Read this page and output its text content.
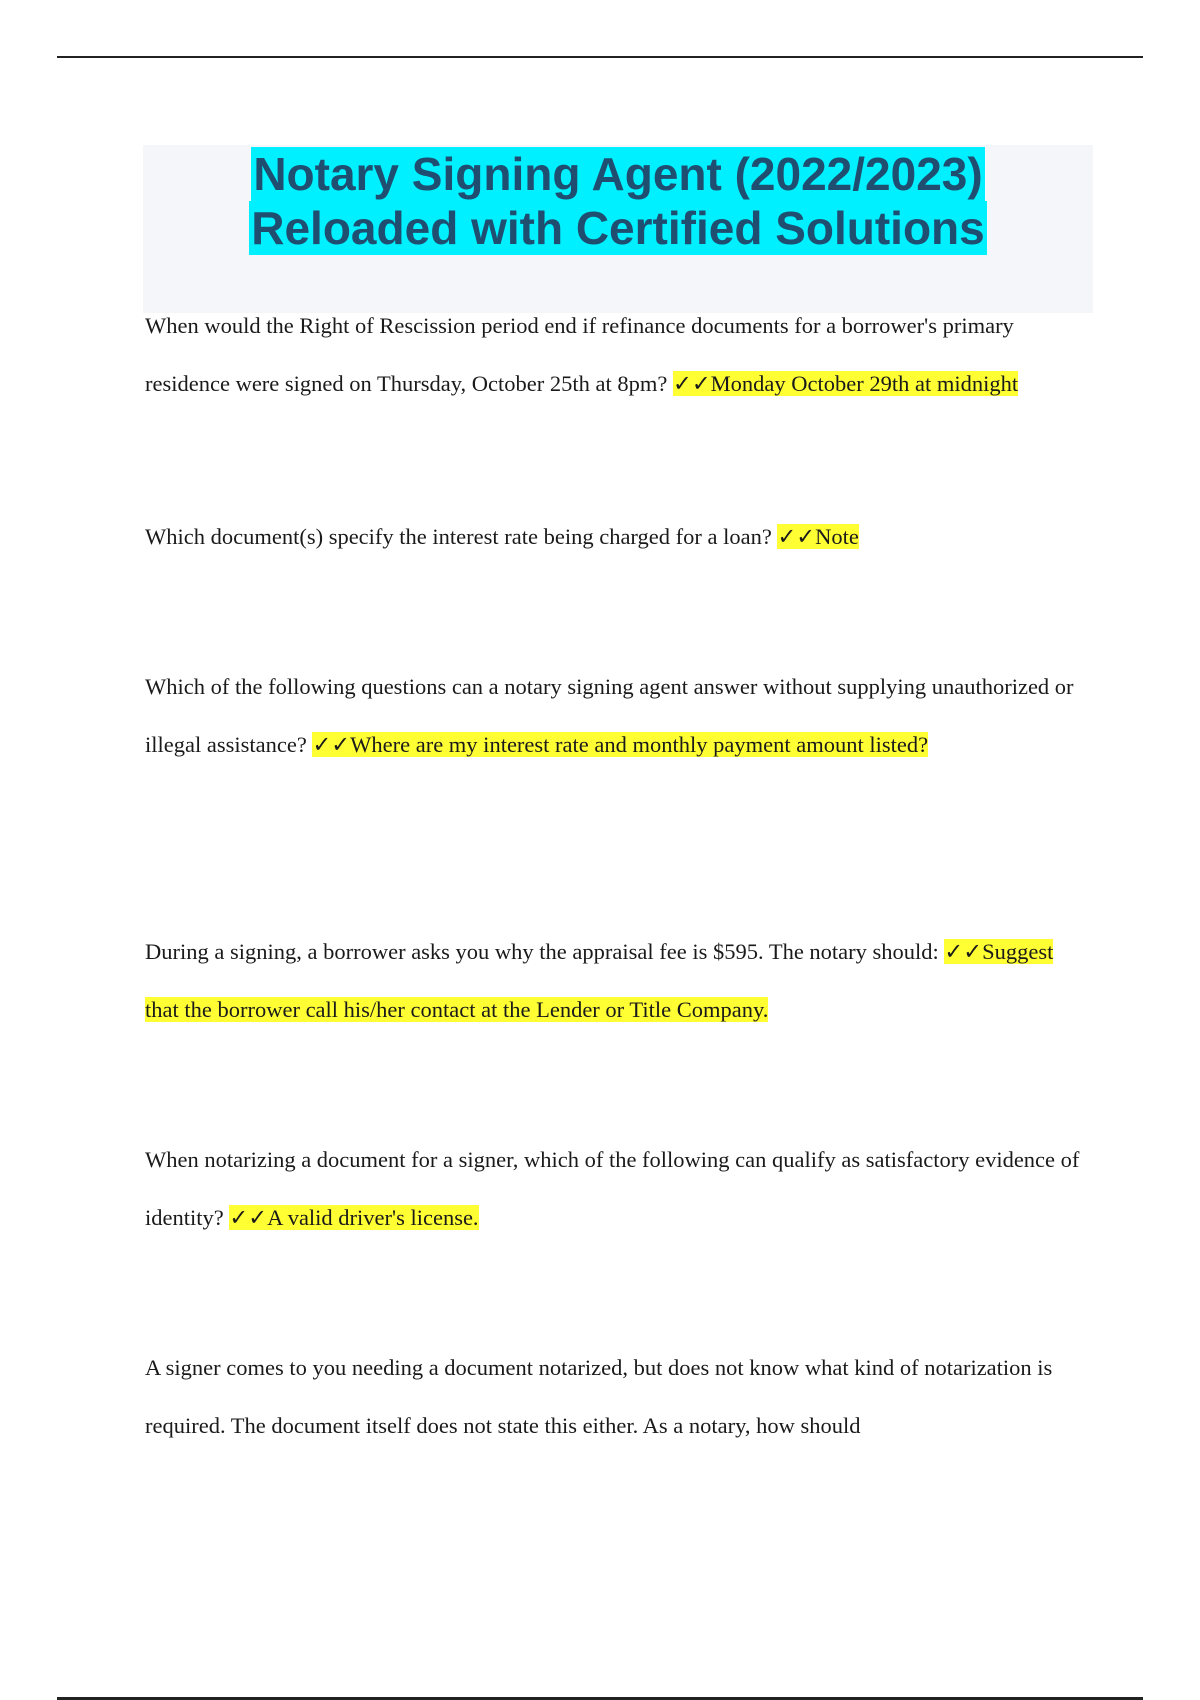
Notary Signing Agent (2022/2023)
Reloaded with Certified Solutions

When would the Right of Rescission period end if refinance documents for a borrower's primary residence were signed on Thursday, October 25th at 8pm? ✓✓Monday October 29th at midnight

Which document(s) specify the interest rate being charged for a loan? ✓✓Note

Which of the following questions can a notary signing agent answer without supplying unauthorized or illegal assistance? ✓✓Where are my interest rate and monthly payment amount listed?

During a signing, a borrower asks you why the appraisal fee is $595. The notary should: ✓✓Suggest that the borrower call his/her contact at the Lender or Title Company.

When notarizing a document for a signer, which of the following can qualify as satisfactory evidence of identity? ✓✓A valid driver's license.

A signer comes to you needing a document notarized, but does not know what kind of notarization is required. The document itself does not state this either. As a notary, how should
